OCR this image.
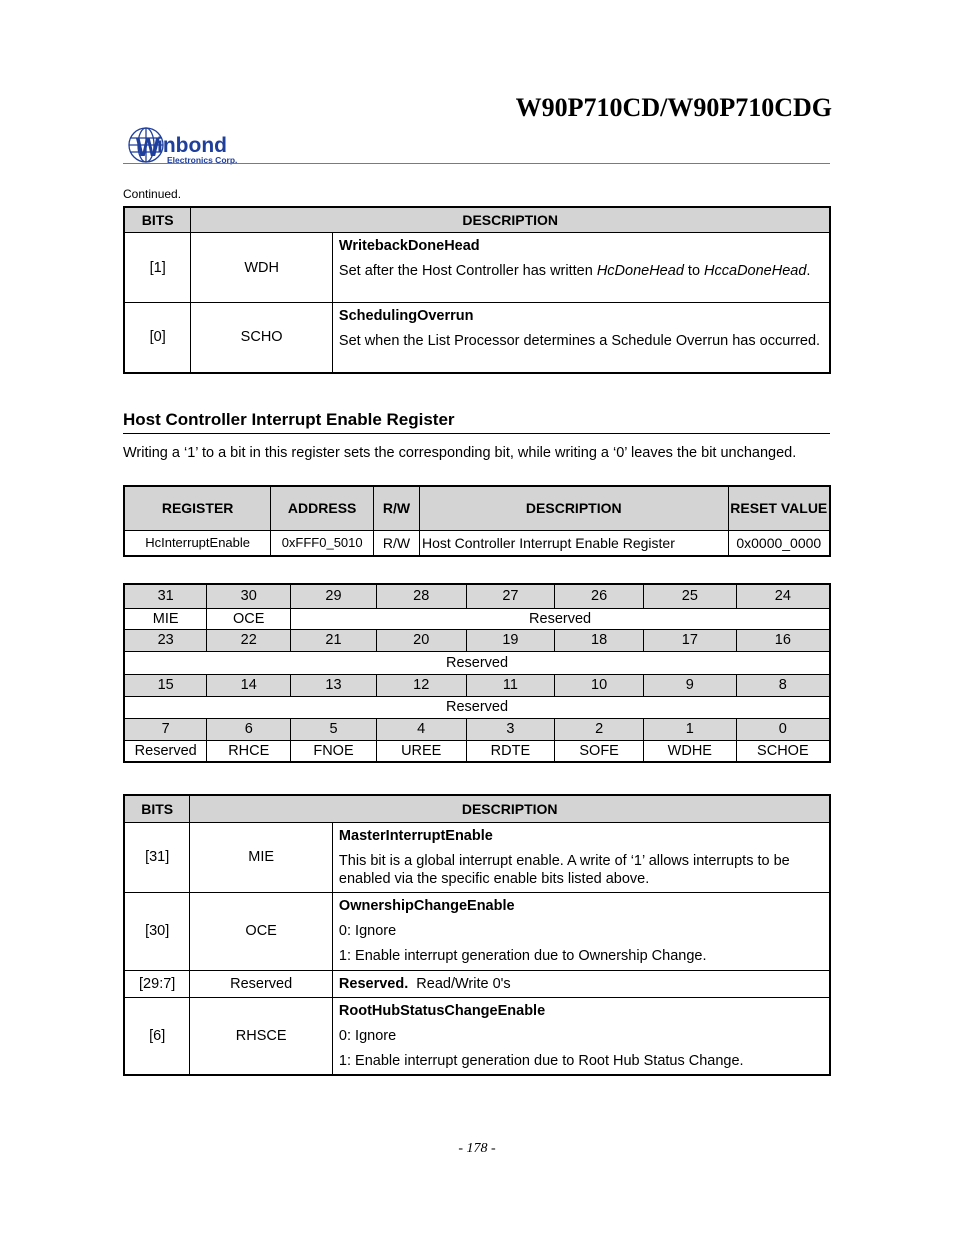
W90P710CD/W90P710CDG
W
inbond
Electronics Corp.
Continued.
BITS	DESCRIPTION	
[1]	WDH	WritebackDoneHead

Set after the Host Controller has written HcDoneHead to HccaDoneHead.

[0]	SCHO	SchedulingOverrun

Set when the List Processor determines a Schedule Overrun has occurred.

Host Controller Interrupt Enable Register

Writing a ‘1’ to a bit in this register sets the corresponding bit, while writing a ‘0’ leaves the bit unchanged.

REGISTER	ADDRESS	R/W	DESCRIPTION	RESET VALUE
HcInterruptEnable	0xFFF0_5010	R/W	Host Controller Interrupt Enable Register	0x0000_0000
31	30	29	28	27	26	25	24
MIE	OCE	Reserved					
23	22	21	20	19	18	17	16
Reserved							
15	14	13	12	11	10	9	8
Reserved							
7	6	5	4	3	2	1	0
Reserved	RHCE	FNOE	UREE	RDTE	SOFE	WDHE	SCHOE
BITS	DESCRIPTION	
[31]	MIE	MasterInterruptEnable

This bit is a global interrupt enable. A write of ‘1’ allows interrupts to be enabled via the specific enable bits listed above.

[30]	OCE	OwnershipChangeEnable

0: Ignore

1: Enable interrupt generation due to Ownership Change.

[29:7]	Reserved	Reserved.  Read/Write 0's
[6]	RHSCE	RootHubStatusChangeEnable

0: Ignore

1: Enable interrupt generation due to Root Hub Status Change.

- 178 -
